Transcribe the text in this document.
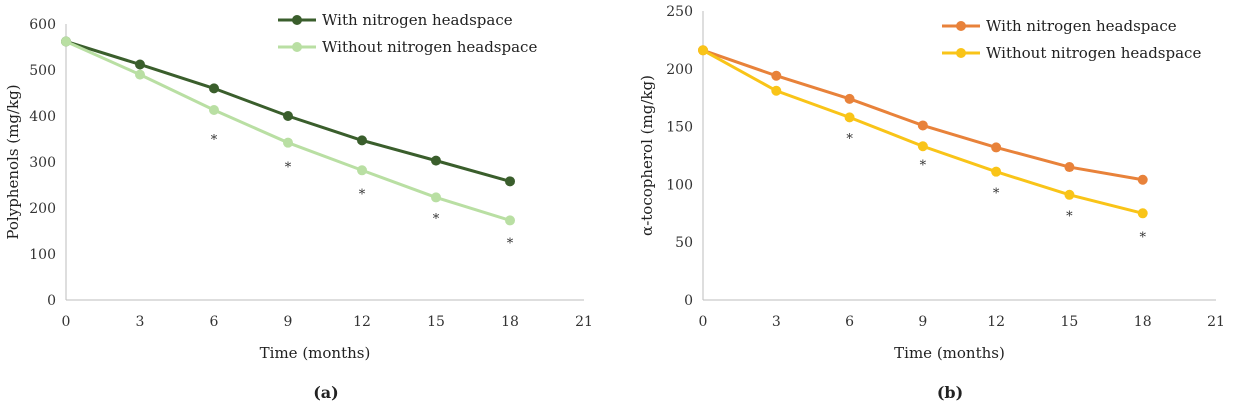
0
100
200
300
400
500
600
0	3	6	9	12	15	18	21
Time (months)
Polyphenols (mg/kg)	*
*
*
*
*
With nitrogen headspace
Without nitrogen headspace
(a)
0
50
100
150
200
250
0	3	6	9	12	15	18	21
Time (months)
α-tocopherol (mg/kg)	*
*
*
*
*
With nitrogen headspace
Without nitrogen headspace
(b)
